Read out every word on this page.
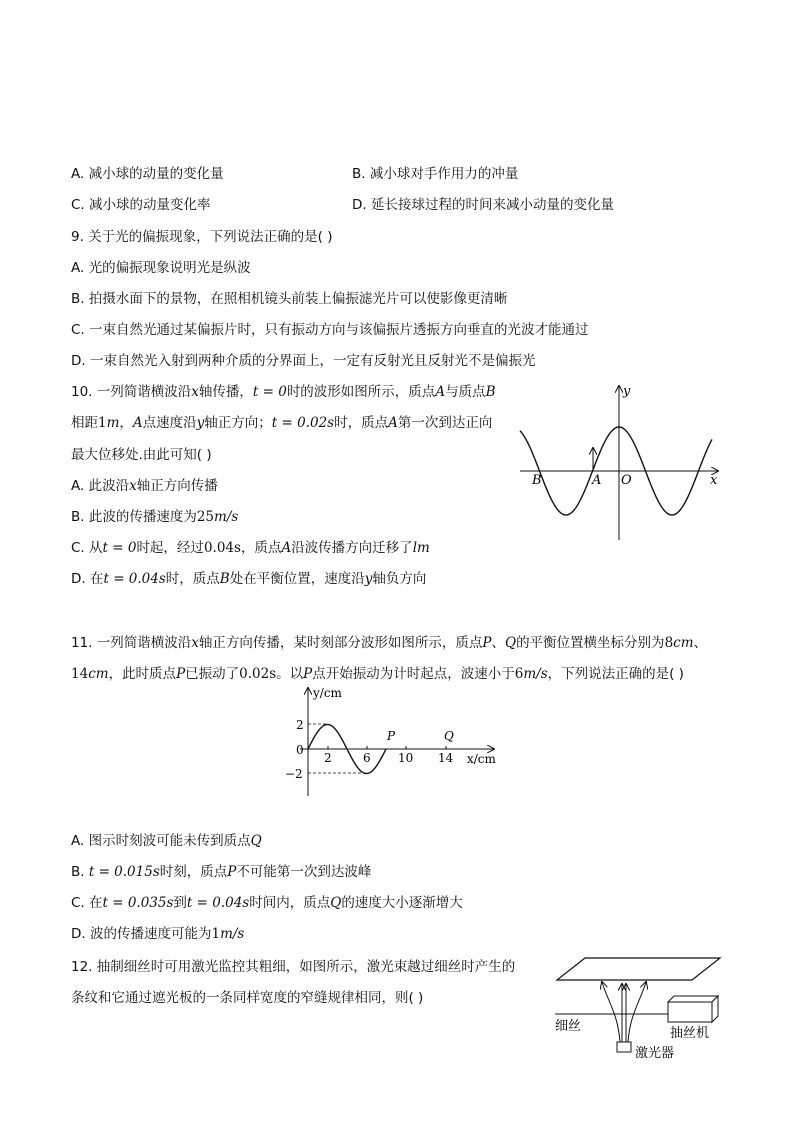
A. 减小球的动量的变化量	B. 减小球对手作用力的冲量
C. 减小球的动量变化率	D. 延长接球过程的时间来减小动量的变化量
9. 关于光的偏振现象，下列说法正确的是( )
A. 光的偏振现象说明光是纵波
B. 拍摄水面下的景物，在照相机镜头前装上偏振滤光片可以使影像更清晰
C. 一束自然光通过某偏振片时，只有振动方向与该偏振片透振方向垂直的光波才能通过
D. 一束自然光入射到两种介质的分界面上，一定有反射光且反射光不是偏振光
10. 一列简谐横波沿x轴传播，t = 0时的波形如图所示，质点A与质点B
相距1m，A点速度沿y轴正方向；t = 0.02s时，质点A第一次到达正向
最大位移处.由此可知( )
A. 此波沿x轴正方向传播
B. 此波的传播速度为25m/s
C. 从t = 0时起，经过0.04s，质点A沿波传播方向迁移了lm
D. 在t = 0.04s时，质点B处在平衡位置，速度沿y轴负方向
B	A O	x
y
11. 一列简谐横波沿x轴正方向传播，某时刻部分波形如图所示，质点P、Q的平衡位置横坐标分别为8cm、
14cm，此时质点P已振动了0.02s。以P点开始振动为计时起点，波速小于6m/s，下列说法正确的是( )
y/cm
2
0
−2
2	6 10 14 x/cm
P	Q
A. 图示时刻波可能未传到质点Q
B. t = 0.015s时刻，质点P不可能第一次到达波峰
C. 在t = 0.035s到t = 0.04s时间内，质点Q的速度大小逐渐增大
D. 波的传播速度可能为1m/s
12. 抽制细丝时可用激光监控其粗细，如图所示，激光束越过细丝时产生的
条纹和它通过遮光板的一条同样宽度的窄缝规律相同，则( )
细丝	抽丝机
激光器
